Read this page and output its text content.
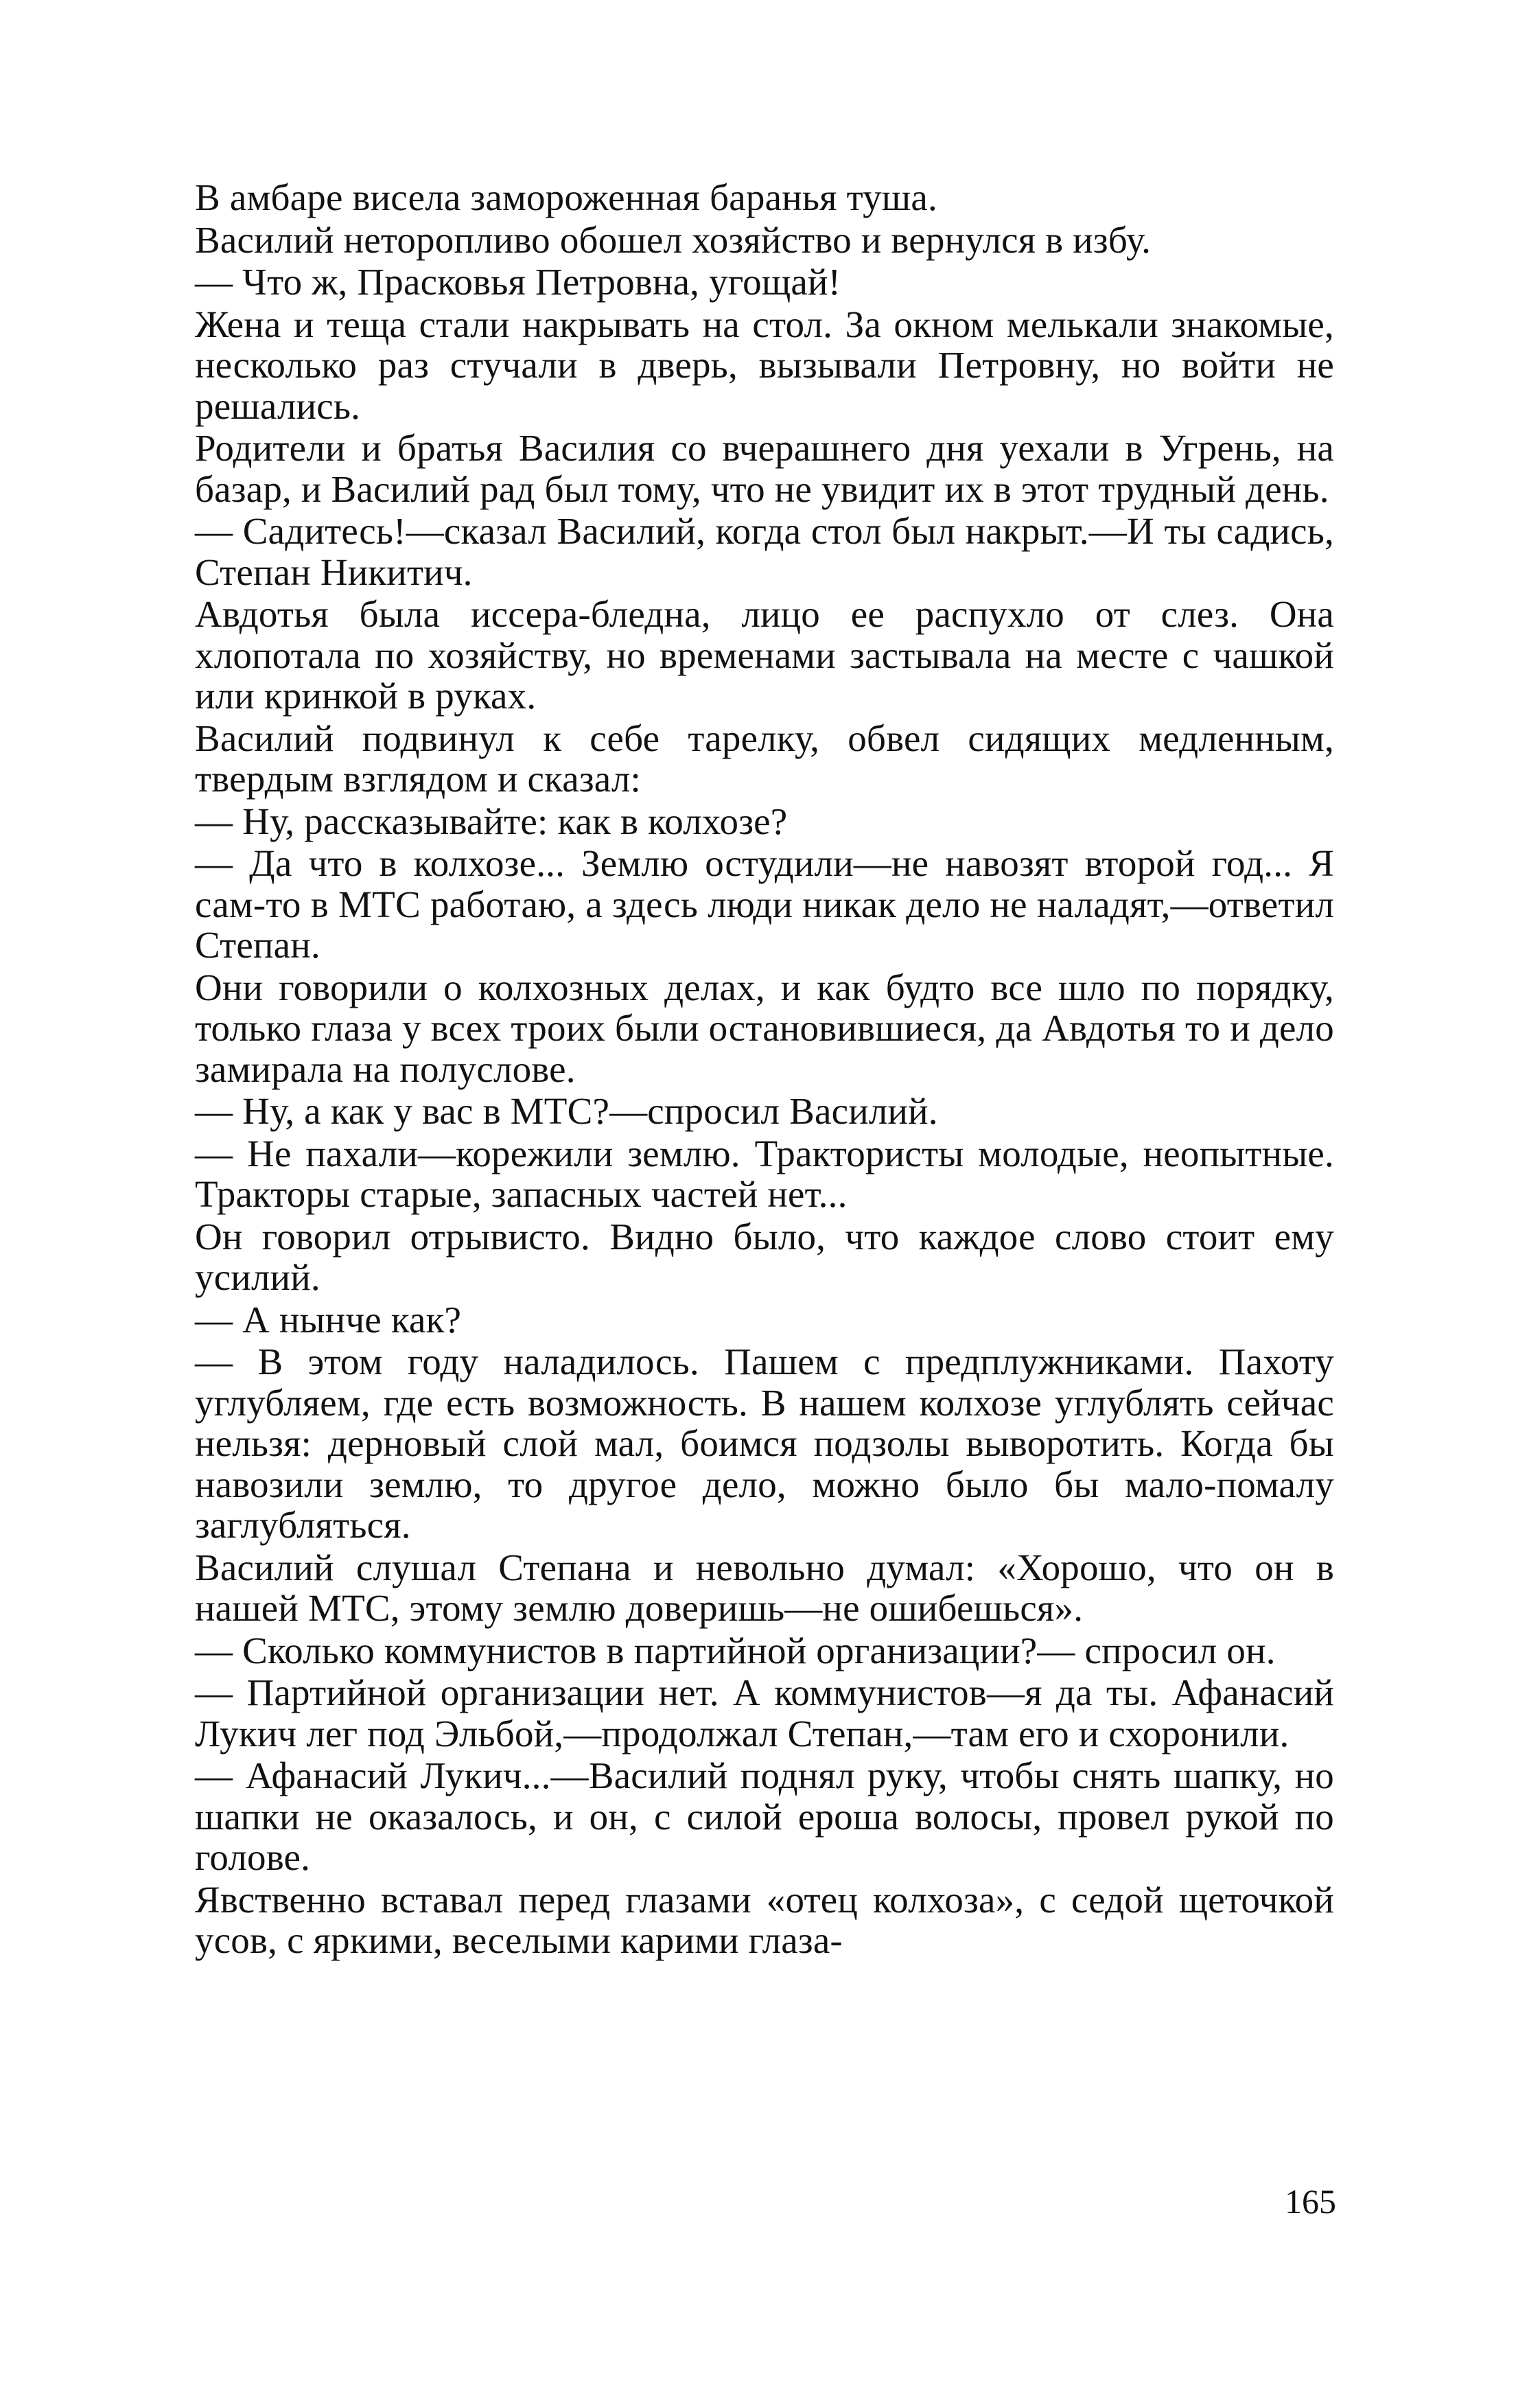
В амбаре висела замороженная баранья туша.

Василий неторопливо обошел хозяйство и вернулся в избу.

— Что ж, Прасковья Петровна, угощай!

Жена и теща стали накрывать на стол. За окном мелькали знакомые, несколько раз стучали в дверь, вызывали Петровну, но войти не решались.

Родители и братья Василия со вчерашнего дня уехали в Угрень, на базар, и Василий рад был тому, что не увидит их в этот трудный день.

— Садитесь!—сказал Василий, когда стол был накрыт.—И ты садись, Степан Никитич.

Авдотья была иссера-бледна, лицо ее распухло от слез. Она хлопотала по хозяйству, но временами застывала на месте с чашкой или кринкой в руках.

Василий подвинул к себе тарелку, обвел сидящих медленным, твердым взглядом и сказал:

— Ну, рассказывайте: как в колхозе?

— Да что в колхозе... Землю остудили—не навозят второй год... Я сам-то в МТС работаю, а здесь люди никак дело не наладят,—ответил Степан.

Они говорили о колхозных делах, и как будто все шло по порядку, только глаза у всех троих были остановившиеся, да Авдотья то и дело замирала на полуслове.

— Ну, а как у вас в МТС?—спросил Василий.

— Не пахали—корежили землю. Трактористы молодые, неопытные. Тракторы старые, запасных частей нет...

Он говорил отрывисто. Видно было, что каждое слово стоит ему усилий.

— А нынче как?

— В этом году наладилось. Пашем с предплужниками. Пахоту углубляем, где есть возможность. В нашем колхозе углублять сейчас нельзя: дерновый слой мал, боимся подзолы выворотить. Когда бы навозили землю, то другое дело, можно было бы мало-помалу заглубляться.

Василий слушал Степана и невольно думал: «Хорошо, что он в нашей МТС, этому землю доверишь—не ошибешься».

— Сколько коммунистов в партийной организации?— спросил он.

— Партийной организации нет. А коммунистов—я да ты. Афанасий Лукич лег под Эльбой,—продолжал Степан,—там его и схоронили.

— Афанасий Лукич...—Василий поднял руку, чтобы снять шапку, но шапки не оказалось, и он, с силой ероша волосы, провел рукой по голове.

Явственно вставал перед глазами «отец колхоза», с седой щеточкой усов, с яркими, веселыми карими глаза-

165
